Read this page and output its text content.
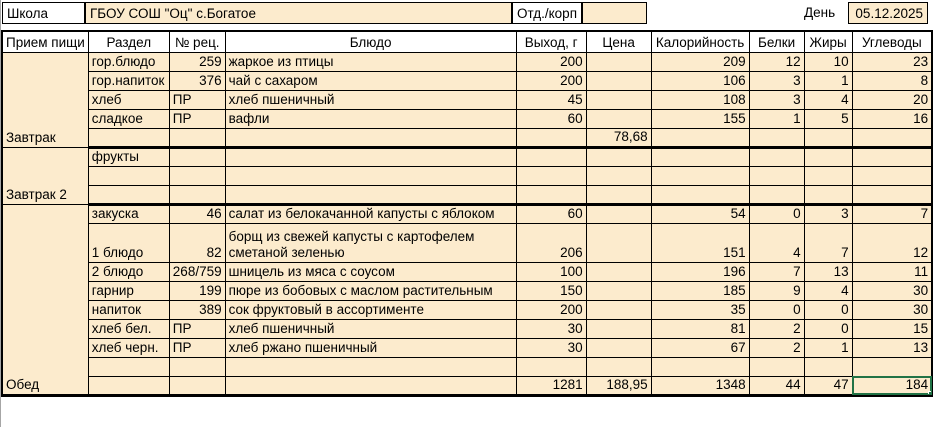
Школа	ГБОУ СОШ "Оц" с.Богатое	Отд./корп	День	05.12.2025
Прием пищи	Раздел	№ рец.	Блюдо	Выход, г	Цена	Калорийность	Белки	Жиры	Углеводы
Завтрак	гор.блюдо	259	жаркое из птицы	200		209	12	10	23
	гор.напиток	376	чай с сахаром	200		106	3	1	8
	хлеб	ПР	хлеб пшеничный	45		108	3	4	20
	сладкое	ПР	вафли	60		155	1	5	16
					78,68				
Завтрак 2	фрукты								

Обед	закуска	46	салат из белокачанной капусты с яблоком	60		54	0	3	7
	1 блюдо	82	борщ из свежей капусты с картофелем
сметаной зеленью	206		151	4	7	12
	2 блюдо	268/759	шницель из мяса с соусом	100		196	7	13	11
	гарнир	199	пюре из бобовых с маслом растительным	150		185	9	4	30
	напиток	389	сок фруктовый в ассортименте	200		35	0	0	30
	хлеб бел.	ПР	хлеб пшеничный	30		81	2	0	15
	хлеб черн.	ПР	хлеб ржано пшеничный	30		67	2	1	13

				1281	188,95	1348	44	47	184
